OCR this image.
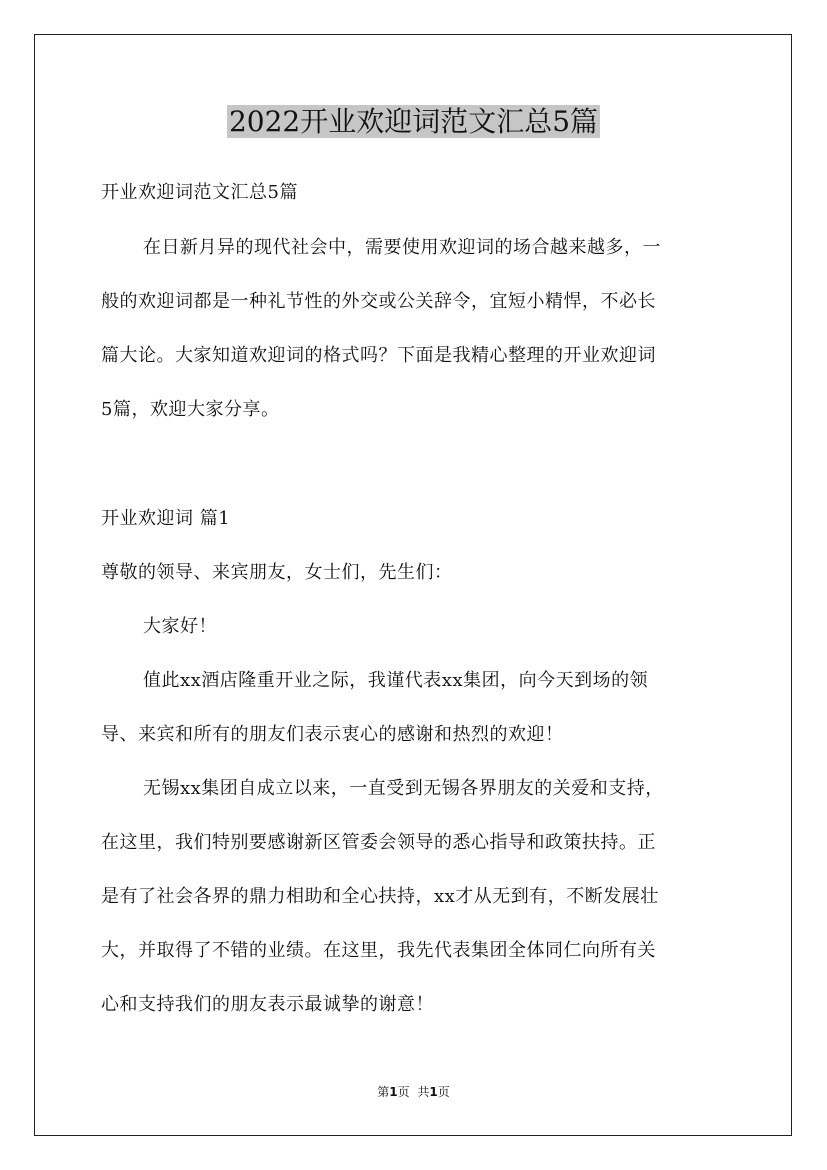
2022开业欢迎词范文汇总5篇
开业欢迎词范文汇总5篇
在日新月异的现代社会中，需要使用欢迎词的场合越来越多，一
般的欢迎词都是一种礼节性的外交或公关辞令，宜短小精悍，不必长
篇大论。大家知道欢迎词的格式吗？下面是我精心整理的开业欢迎词
5篇，欢迎大家分享。
开业欢迎词 篇1
尊敬的领导、来宾朋友，女士们，先生们：
大家好！
值此xx酒店隆重开业之际，我谨代表xx集团，向今天到场的领
导、来宾和所有的朋友们表示衷心的感谢和热烈的欢迎！
无锡xx集团自成立以来，一直受到无锡各界朋友的关爱和支持，
在这里，我们特别要感谢新区管委会领导的悉心指导和政策扶持。正
是有了社会各界的鼎力相助和全心扶持，xx才从无到有，不断发展壮
大，并取得了不错的业绩。在这里，我先代表集团全体同仁向所有关
心和支持我们的朋友表示最诚挚的谢意！
第1页 共1页
